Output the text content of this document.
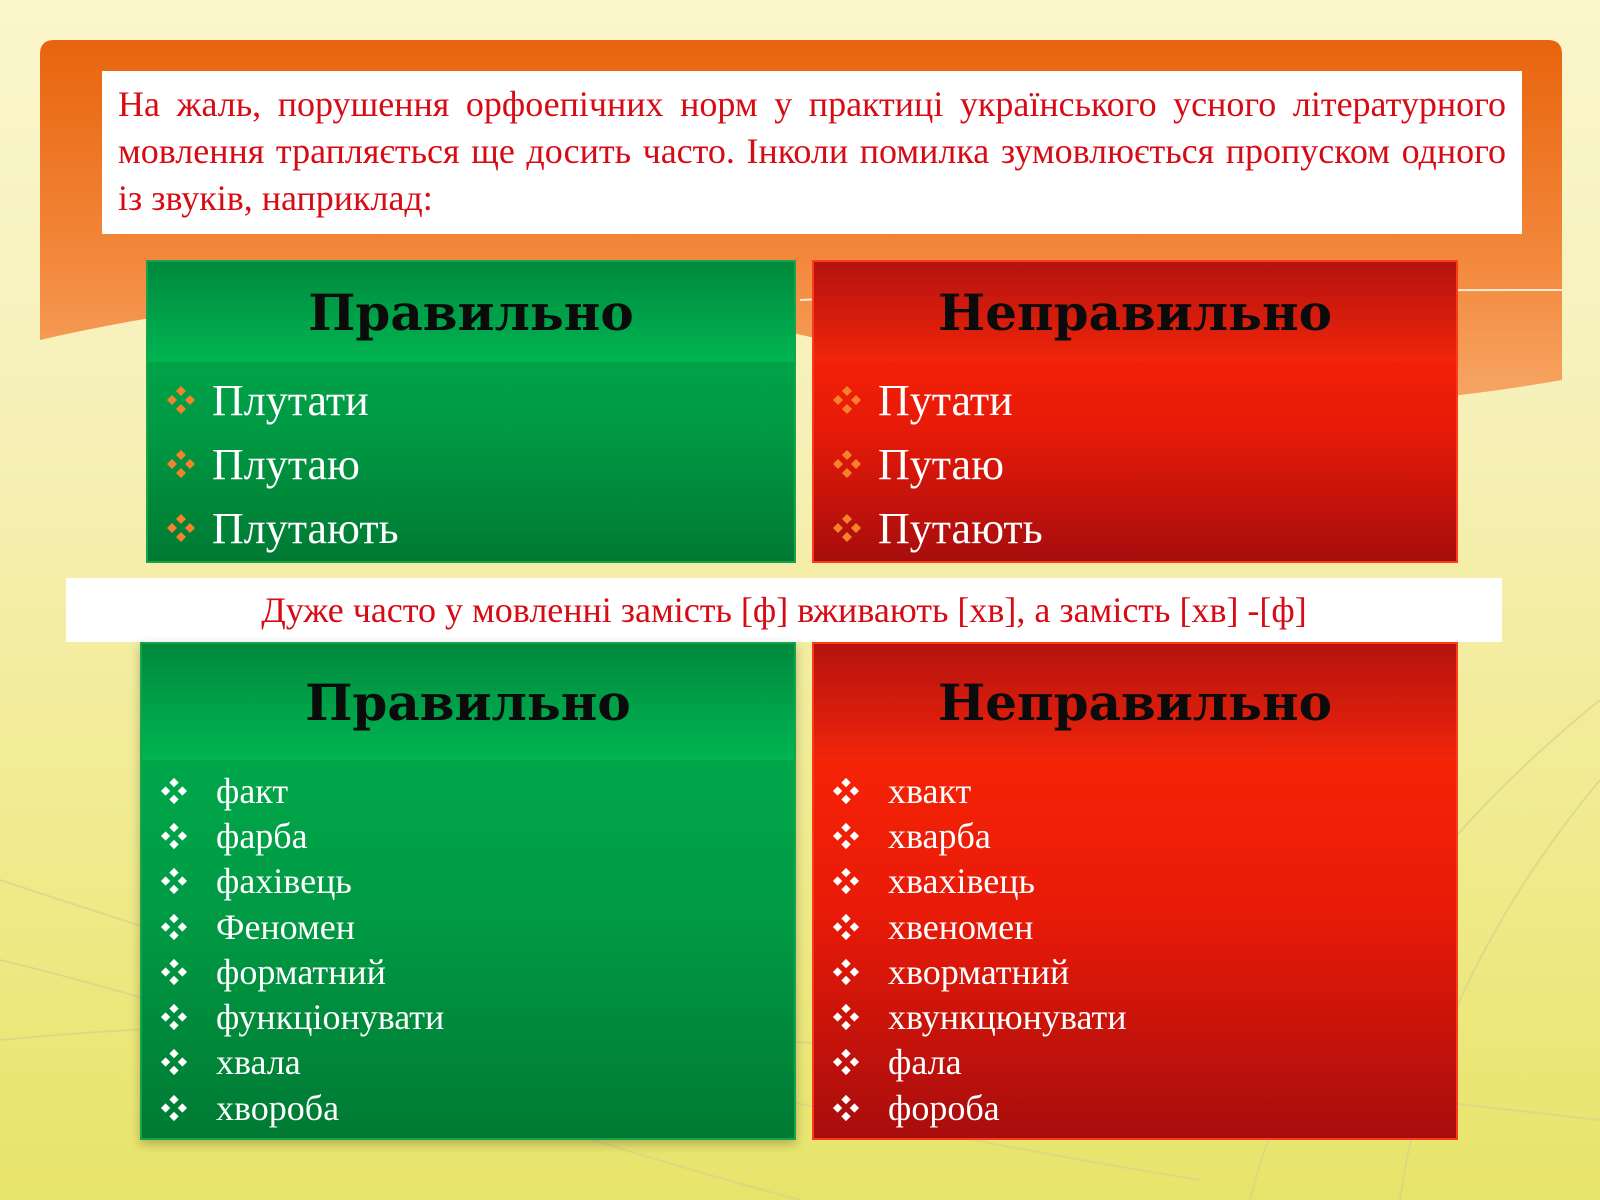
На жаль, порушення орфоепічних норм у практиці українського усного літературного мовлення трапляється ще досить часто. Інколи помилка зумовлюється пропуском одного із звуків, наприклад:

Правильно
Плутати
Плутаю
Плутають
Неправильно
Путати
Путаю
Путають
Дуже часто у мовленні замість [ф] вживають [хв], а замість [хв] -[ф]
Правильно
факт
фарба
фахівець
Феномен
форматний
функціонувати
хвала
хвороба
Неправильно
хвакт
хварба
хвахівець
хвеномен
хворматний
хвункцюнувати
фала
фороба
